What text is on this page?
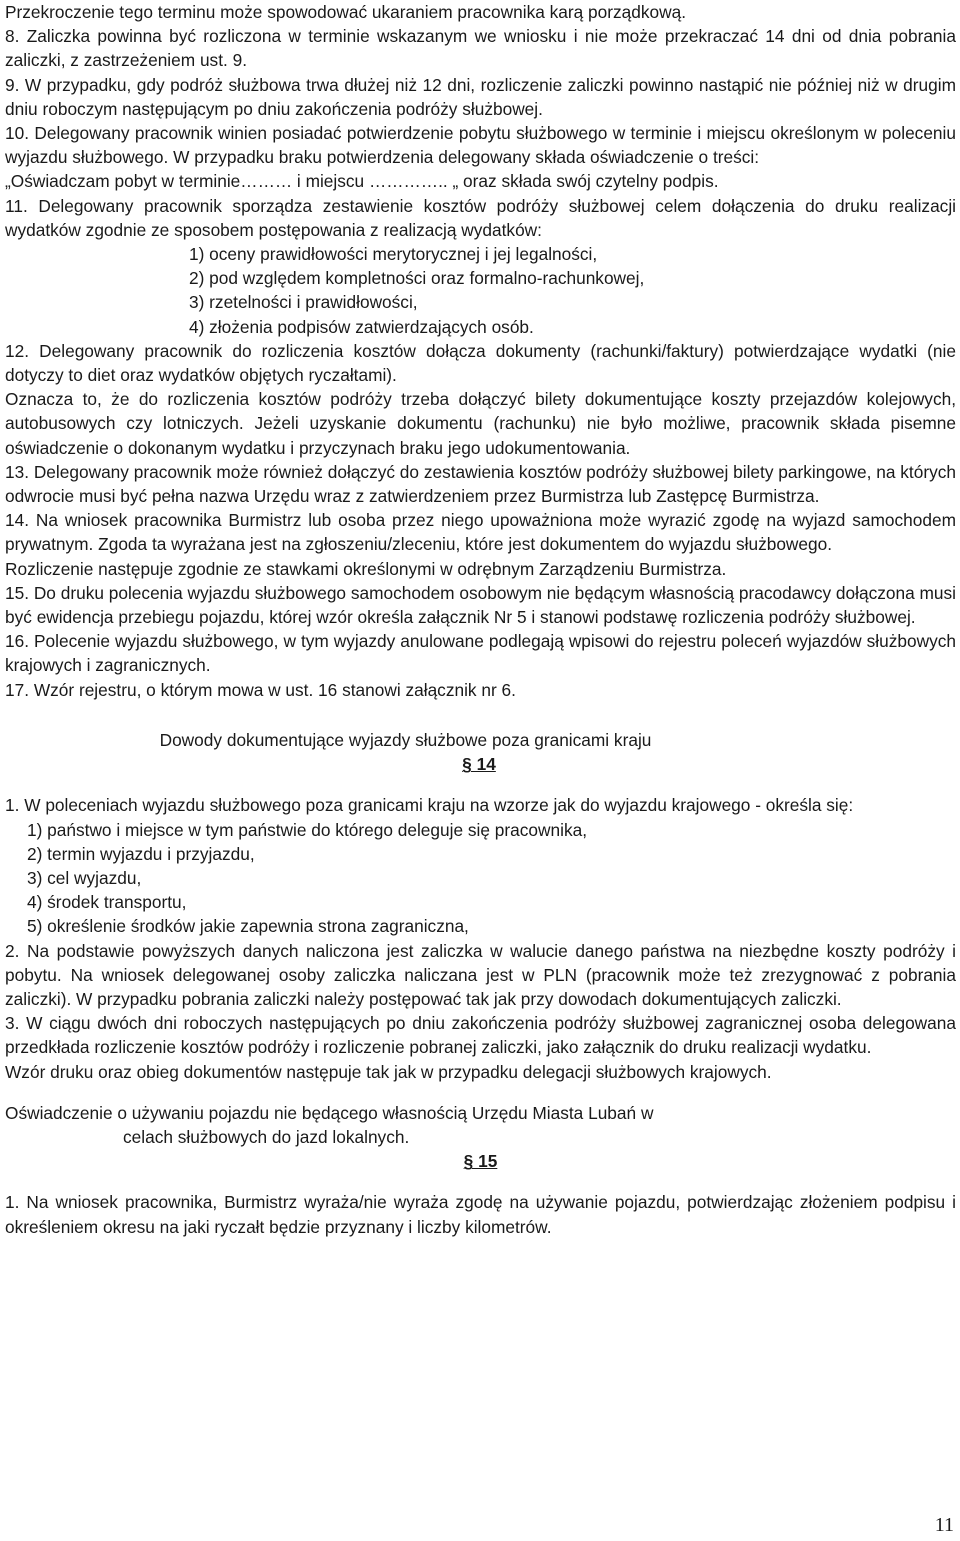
Przekroczenie tego terminu może spowodować ukaraniem pracownika karą porządkową.

8. Zaliczka powinna być rozliczona w terminie wskazanym we wniosku i nie może przekraczać 14 dni od dnia pobrania zaliczki, z zastrzeżeniem ust. 9.

9. W przypadku, gdy podróż służbowa trwa dłużej niż 12 dni, rozliczenie zaliczki powinno nastąpić nie później niż w drugim dniu roboczym następującym po dniu zakończenia podróży służbowej.

10. Delegowany pracownik winien posiadać potwierdzenie pobytu służbowego w terminie i miejscu określonym w poleceniu wyjazdu służbowego. W przypadku braku potwierdzenia delegowany składa oświadczenie o treści:

„Oświadczam pobyt w terminie……… i miejscu ………….. „ oraz składa swój czytelny podpis.

11. Delegowany pracownik sporządza zestawienie kosztów podróży służbowej celem dołączenia do druku realizacji wydatków zgodnie ze sposobem postępowania z realizacją wydatków:

1) oceny prawidłowości merytorycznej i jej legalności,
2) pod względem kompletności oraz formalno-rachunkowej,
3) rzetelności i prawidłowości,
4) złożenia podpisów zatwierdzających osób.

12. Delegowany pracownik do rozliczenia kosztów dołącza dokumenty (rachunki/faktury) potwierdzające wydatki (nie dotyczy to diet oraz wydatków objętych ryczałtami).

Oznacza to, że do rozliczenia kosztów podróży trzeba dołączyć bilety dokumentujące koszty przejazdów kolejowych, autobusowych czy lotniczych. Jeżeli uzyskanie dokumentu (rachunku) nie było możliwe, pracownik składa pisemne oświadczenie o dokonanym wydatku i przyczynach braku jego udokumentowania.

13. Delegowany pracownik może również dołączyć do zestawienia kosztów podróży służbowej bilety parkingowe, na których odwrocie musi być pełna nazwa Urzędu wraz z zatwierdzeniem przez Burmistrza lub Zastępcę Burmistrza.

14. Na wniosek pracownika Burmistrz lub osoba przez niego upoważniona może wyrazić zgodę na wyjazd samochodem prywatnym. Zgoda ta wyrażana jest na zgłoszeniu/zleceniu, które jest dokumentem do wyjazdu służbowego.

Rozliczenie następuje zgodnie ze stawkami określonymi w odrębnym Zarządzeniu Burmistrza.

15. Do druku polecenia wyjazdu służbowego samochodem osobowym nie będącym własnością pracodawcy dołączona musi być ewidencja przebiegu pojazdu, której wzór określa załącznik Nr 5 i stanowi podstawę rozliczenia podróży służbowej.

16. Polecenie wyjazdu służbowego, w tym wyjazdy anulowane podlegają wpisowi do rejestru poleceń wyjazdów służbowych krajowych i zagranicznych.

17. Wzór rejestru, o którym mowa w ust. 16 stanowi załącznik nr 6.

Dowody dokumentujące wyjazdy służbowe poza granicami kraju

§ 14

1. W poleceniach wyjazdu służbowego poza granicami kraju na wzorze jak do wyjazdu krajowego - określa się:

1) państwo i miejsce w tym państwie do którego deleguje się pracownika,
2) termin wyjazdu i przyjazdu,
3) cel wyjazdu,
4) środek transportu,
5) określenie środków jakie zapewnia strona zagraniczna,

2. Na podstawie powyższych danych naliczona jest zaliczka w walucie danego państwa na niezbędne koszty podróży i pobytu. Na wniosek delegowanej osoby zaliczka naliczana jest w PLN (pracownik może też zrezygnować z pobrania zaliczki). W przypadku pobrania zaliczki należy postępować tak jak przy dowodach dokumentujących zaliczki.

3. W ciągu dwóch dni roboczych następujących po dniu zakończenia podróży służbowej zagranicznej osoba delegowana przedkłada rozliczenie kosztów podróży i rozliczenie pobranej zaliczki, jako załącznik do druku realizacji wydatku.

Wzór druku oraz obieg dokumentów następuje tak jak w przypadku delegacji służbowych krajowych.

Oświadczenie o używaniu pojazdu nie będącego własnością Urzędu Miasta Lubań w

celach służbowych do jazd lokalnych.

§ 15

1. Na wniosek pracownika, Burmistrz wyraża/nie wyraża zgodę na używanie pojazdu, potwierdzając złożeniem podpisu i określeniem okresu na jaki ryczałt będzie przyznany i liczby kilometrów.

11
